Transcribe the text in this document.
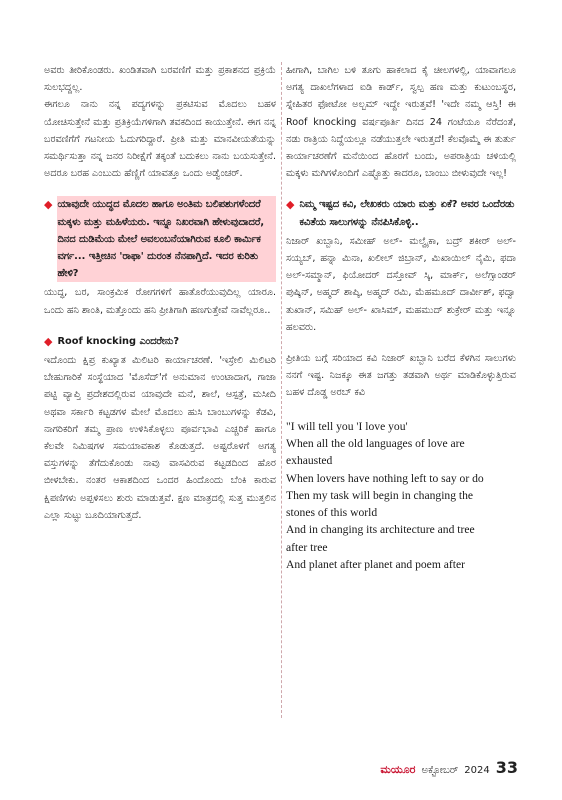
ಅವರು ತೀರಿಕೊಂಡರು. ಖಂಡಿತವಾಗಿ ಬರವಣಿಗೆ ಮತ್ತು ಪ್ರಕಾಶನದ ಪ್ರಕ್ರಿಯೆ ಸುಲಭದ್ದಲ್ಲ.

ಈಗಲೂ ನಾನು ನನ್ನ ಪದ್ಯಗಳನ್ನು ಪ್ರಕಟಿಸುವ ಮೊದಲು ಬಹಳ ಯೋಚಿಸುತ್ತೇನೆ ಮತ್ತು ಪ್ರತಿಕ್ರಿಯೆಗಳಿಗಾಗಿ ತವಕದಿಂದ ಕಾಯುತ್ತೇನೆ. ಈಗ ನನ್ನ ಬರವಣಿಗೆಗೆ ಗಟನೀಯ ಓದುಗರಿದ್ದಾರೆ. ಪ್ರೀತಿ ಮತ್ತು ಮಾನವೀಯತೆಯನ್ನು ಸಮರ್ಥಿಸುತ್ತಾ ನನ್ನ ಜನರ ನಿರೀಕ್ಷೆಗೆ ತಕ್ಕಂತೆ ಬದುಕಲು ನಾನು ಬಯಸುತ್ತೇನೆ. ಅದರೂ ಬರಹ ಎಂಬುದು ಹೆಣ್ಣಿಗೆ ಯಾವತ್ತೂ ಒಂದು ಅಡ್ವೆಂಚರ್.

◆ ಯಾವುದೇ ಯುದ್ಧದ ಮೊದಲ ಹಾಗೂ ಅಂತಿಮ ಬಲಿಪಶುಗಳೆಂದರೆ ಮಕ್ಕಳು ಮತ್ತು ಮಹಿಳೆಯರು. ಇನ್ನೂ ನಿಖರವಾಗಿ ಹೇಳುವುದಾದರೆ, ದಿನದ ದುಡಿಮೆಯ ಮೇಲೆ ಅವಲಂಬನೆಯಾಗಿರುವ ಕೂಲಿ ಕಾರ್ಮಿಕ ವರ್ಗ... ಇತ್ತೀಚಿನ 'ರಾಫಾ' ದುರಂತ ನೆನಪಾಗ್ತಿದೆ. ಇದರ ಕುರಿತು ಹೇಳಿ?

ಯುದ್ಧ, ಬರ, ಸಾಂಕ್ರಮಿಕ ರೋಗಗಳಿಗೆ ಹಾತೊರೆಯುವುದಿಲ್ಲ ಯಾರೂ. ಒಂದು ಹನಿ ಶಾಂತಿ, ಮತ್ತೊಂದು ಹನಿ ಪ್ರೀತಿಗಾಗಿ ಹಣಗುತ್ತೇವೆ ನಾವೆಲ್ಲರೂ..

◆ Roof knocking ಎಂದರೇನು?

ಇದೊಂದು ಕ್ಷಿಪ್ರ ಕುಖ್ಯಾತ ಮಿಲಿಟರಿ ಕಾರ್ಯಾಚರಣೆ. 'ಇಸ್ರೇಲಿ ಮಿಲಿಟರಿ ಬೇಹುಗಾರಿಕೆ ಸಂಸ್ಥೆಯಾದ 'ಮೊಸೆದ್'ಗೆ ಅನುಮಾನ ಉಂಟಾದಾಗ, ಗಾಜಾ ಪಟ್ಟಿ ವ್ಯಾಪ್ತಿ ಪ್ರದೇಶದಲ್ಲಿರುವ ಯಾವುದೇ ಮನೆ, ಶಾಲೆ, ಆಸ್ಪತ್ರೆ, ಮಸೀದಿ ಅಥವಾ ಸರ್ಕಾರಿ ಕಟ್ಟಡಗಳ ಮೇಲೆ ಮೊದಲು ಹುಸಿ ಬಾಂಬುಗಳನ್ನು ಕೆಡವಿ, ನಾಗರಿಕರಿಗೆ ತಮ್ಮ ಪ್ರಾಣ ಉಳಿಸಿಕೊಳ್ಳಲು ಪೂರ್ವಭಾವಿ ಎಚ್ಚರಿಕೆ ಹಾಗೂ ಕೆಲವೇ ನಿಮಿಷಗಳ ಸಮಯಾವಕಾಶ ಕೊಡುತ್ತದೆ. ಅಷ್ಟರೊಳಗೆ ಅಗತ್ಯ ವಸ್ತುಗಳನ್ನು ತೆಗೆದುಕೊಂಡು ನಾವು ವಾಸವಿರುವ ಕಟ್ಟಡದಿಂದ ಹೊರ ಬೀಳಬೇಕು. ನಂತರ ಆಕಾಶದಿಂದ ಒಂದರ ಹಿಂದೊಂದು ಬೆಂಕಿ ಕಾರುವ ಕ್ಷಿಪಣಿಗಳು ಅಪ್ಪಳಿಸಲು ಶುರು ಮಾಡುತ್ತವೆ. ಕ್ಷಣ ಮಾತ್ರದಲ್ಲಿ ಸುತ್ತ ಮುತ್ತಲಿನ ಎಲ್ಲಾ ಸುಟ್ಟು ಬೂದಿಯಾಗುತ್ತದೆ.

ಹೀಗಾಗಿ, ಬಾಗಿಲ ಬಳಿ ತೂಗು ಹಾಕಲಾದ ಕೈ ಚೀಲಗಳಲ್ಲಿ, ಯಾವಾಗಲೂ ಅಗತ್ಯ ದಾಖಲೆಗಳಾದ ಐಡಿ ಕಾರ್ಡ್, ಸ್ವಲ್ಪ ಹಣ ಮತ್ತು ಕುಟುಂಬಸ್ಥರ, ಸ್ನೇಹಿತರ ಫೋಟೋ ಅಲ್ಬಮ್ ಇದ್ದೇ ಇರುತ್ತವೆ! 'ಇದೇ ನಮ್ಮ ಆಸ್ತಿ! ಈ Roof knocking ವರ್ಷಪೂರ್ತಿ ದಿನದ 24 ಗಂಟೆಯೂ ನೆರೆದಂತೆ, ನಡು ರಾತ್ರಿಯ ನಿದ್ದೆಯಲ್ಲೂ ನಡೆಯುತ್ತಲೇ ಇರುತ್ತದೆ! ಕೆಲವೊಮ್ಮೆ ಈ ತುರ್ತು ಕಾರ್ಯಾಚರಣೆಗೆ ಮನೆಯಿಂದ ಹೊರಗೆ ಬಂದು, ಅಪರಾತ್ರಿಯ ಚಳಿಯಲ್ಲಿ ಮಕ್ಕಳು ಮಗಿಗಳೊಂದಿಗೆ ಎಷ್ಟೊತ್ತು ಕಾದರೂ, ಬಾಂಬು ಬೀಳುವುದೇ ಇಲ್ಲ!

◆ ನಿಮ್ಮ ಇಷ್ಟದ ಕವಿ, ಲೇಖಕರು ಯಾರು ಮತ್ತು ಏಕೆ? ಅವರ ಒಂದೆರಡು ಕವಿತೆಯ ಸಾಲುಗಳನ್ನು ನೆನಪಿಸಿಕೊಳ್ಳಿ..

ನಿಜಾರ್ ಖಬ್ಬಾನಿ, ಸಮೀಹ್ ಅಲ್- ಮಲ್ವೈಕಾ, ಬದ್ರ್ ಶಕೀರ್ ಅಲ್-ಸಯ್ಯಬ್, ಹನ್ನಾ ಮಿನಾ, ಖಲೀಲ್ ಜಿಬ್ರಾನ್, ಮಿಖಾಯಿಲ್ ನೈಮಿ, ಫದಾ ಅಲ್-ಸಮ್ಮಾನ್, ಫಿಯೋದರ್ ದಸ್ತೋವ್ ಸ್ಕಿ, ಮಾರ್ಕ್, ಅಲೆಗ್ಸಾಂಡರ್ ಪುಷ್ಕಿನ್, ಅಹ್ಮದ್ ಶಾಪ್ಕಿ, ಅಹ್ಮದ್ ರಮಿ, ಮೆಹಮೂದ್ ದಾರ್ವೀಶ್, ಫದ್ವಾ ತುಖಾನ್, ಸಮಿಹ್ ಅಲ್- ಖಾಸಿಮ್, ಮಹಮುದ್ ಶುಕ್ರೇರ್ ಮತ್ತು ಇನ್ನೂ ಹಲವರು.

ಪ್ರೀತಿಯ ಬಗ್ಗೆ ಸರಿಯಾದ ಕವಿ ನಿಜಾರ್ ಖಬ್ಬಾನಿ ಬರೆದ ಕೆಳಗಿನ ಸಾಲುಗಳು ನನಗೆ ಇಷ್ಟ. ನಿಜಕ್ಕೂ ಈತ ಜಗತ್ತು ತಡವಾಗಿ ಅರ್ಥ ಮಾಡಿಕೊಳ್ಳುತ್ತಿರುವ ಬಹಳ ದೊಡ್ಡ ಅರಬ್ ಕವಿ

"I will tell you 'I love you'

When all the old languages of love are

exhausted

When lovers have nothing left to say or do

Then my task will begin in changing the

stones of this world

And in changing its architecture and tree

after tree

And planet after planet and poem after

ಮಯೂರ ಅಕ್ಟೋಬರ್ 2024 33
